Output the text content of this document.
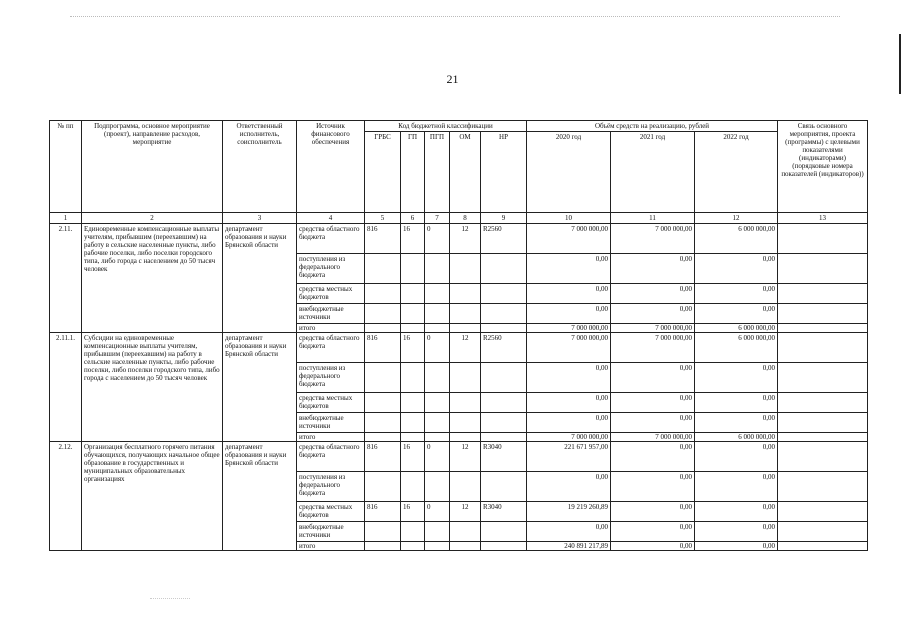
21
№ пп	Подпрограмма, основное мероприятие (проект), направление расходов, мероприятие	Ответственный исполнитель, соисполнитель	Источник финансового обеспечения	Код бюджетной классификации					Объём средств на реализацию, рублей			Связь основного мероприятия, проекта (программы) с целевыми показателями (индикаторами) (порядковые номера показателей (индикаторов))
				ГРБС	ГП	ПГП	ОМ	НР	2020 год	2021 год	2022 год	
1	2	3	4	5	6	7	8	9	10	11	12	13
2.11.	Единовременные компенсационные выплаты учителям, прибывшим (переехавшим) на работу в сельские населенные пункты, либо рабочие поселки, либо поселки городского типа, либо города с населением до 50 тысяч человек	департамент образования и науки Брянской области	средства областного бюджета	816	16	0	12	R2560	7 000 000,00	7 000 000,00	6 000 000,00	
			поступления из федерального бюджета						0,00	0,00	0,00	
			средства местных бюджетов						0,00	0,00	0,00	
			внебюджетные источники						0,00	0,00	0,00	
			итого						7 000 000,00	7 000 000,00	6 000 000,00	
2.11.1.	Субсидии на единовременные компенсационные выплаты учителям, прибывшим (переехавшим) на работу в сельские населенные пункты, либо рабочие поселки, либо поселки городского типа, либо города с населением до 50 тысяч человек	департамент образования и науки Брянской области	средства областного бюджета	816	16	0	12	R2560	7 000 000,00	7 000 000,00	6 000 000,00	
			поступления из федерального бюджета						0,00	0,00	0,00	
			средства местных бюджетов						0,00	0,00	0,00	
			внебюджетные источники						0,00	0,00	0,00	
			итого						7 000 000,00	7 000 000,00	6 000 000,00	
2.12.	Организация бесплатного горячего питания обучающихся, получающих начальное общее образование в государственных и муниципальных образовательных организациях	департамент образования и науки Брянской области	средства областного бюджета	816	16	0	12	R3040	221 671 957,00	0,00	0,00	
			поступления из федерального бюджета						0,00	0,00	0,00	
			средства местных бюджетов	816	16	0	12	R3040	19 219 260,89	0,00	0,00	
			внебюджетные источники						0,00	0,00	0,00	
			итого						240 891 217,89	0,00	0,00	
